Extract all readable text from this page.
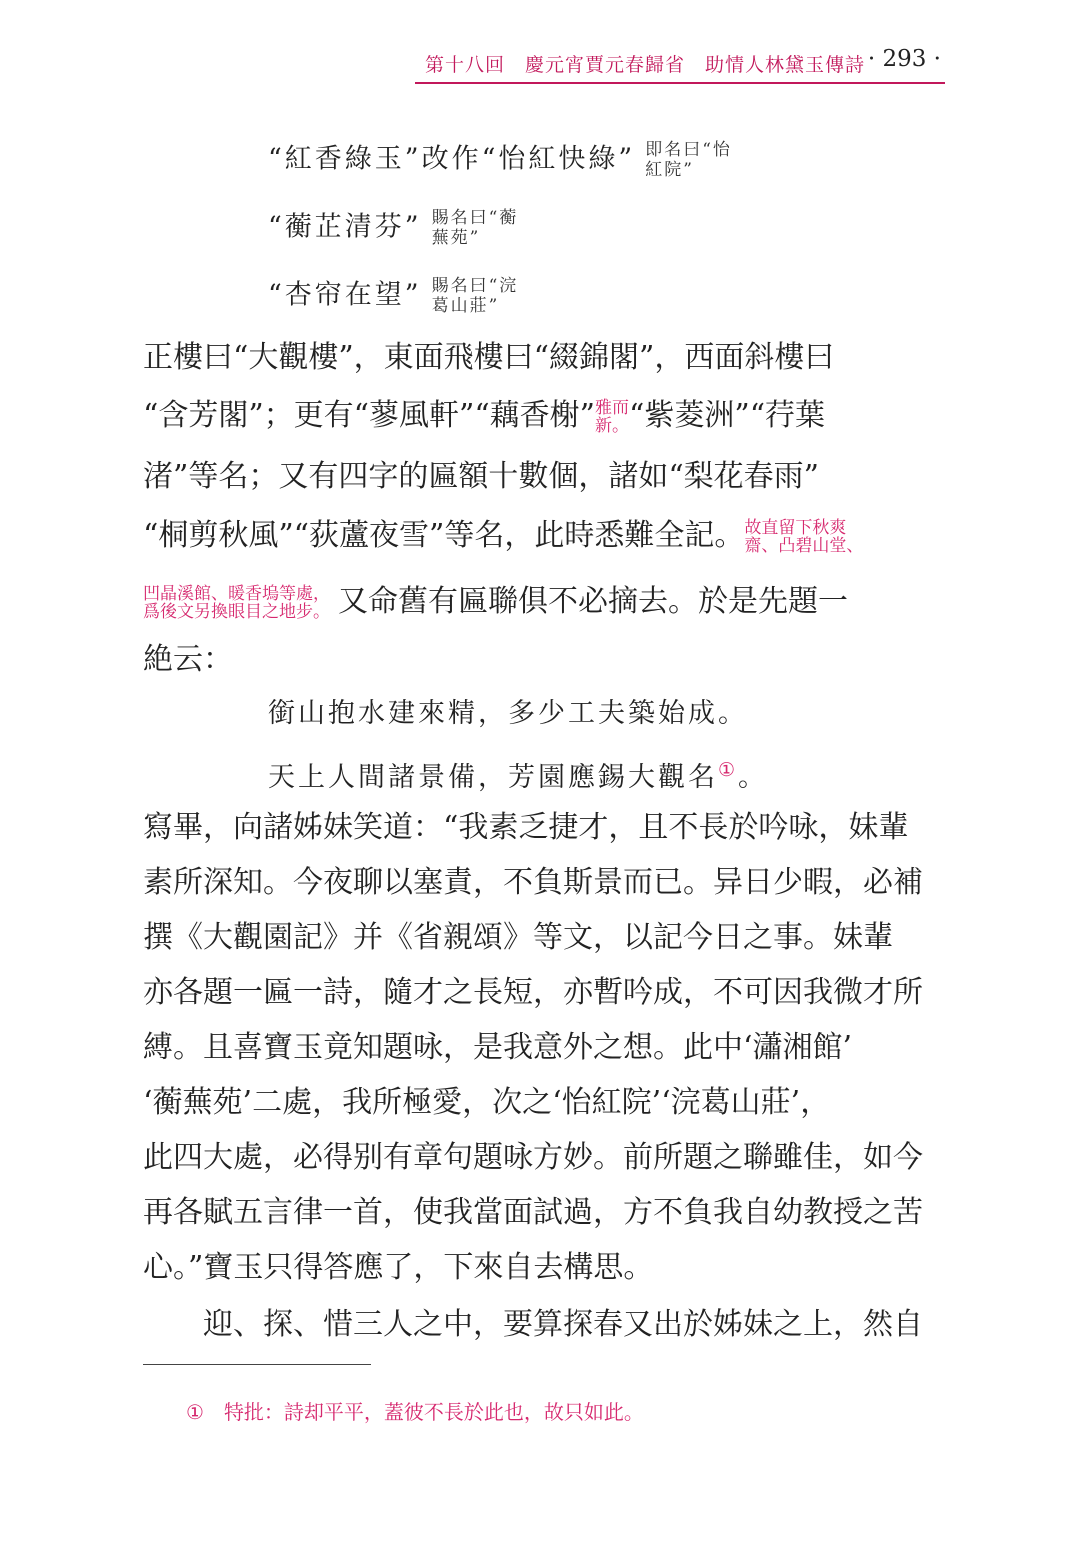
第十八回　慶元宵賈元春歸省　助情人林黛玉傳詩 · 293 ·
“紅香綠玉”改作“怡紅快綠” 即名曰“怡
紅院”
“蘅芷清芬” 賜名曰“蘅
蕪苑”
“杏帘在望” 賜名曰“浣
葛山莊”
正樓曰“大觀樓”，東面飛樓曰“綴錦閣”，西面斜樓曰
“含芳閣”；更有“蓼風軒”“藕香榭” 雅而
新。 “紫菱洲”“荇葉
渚”等名；又有四字的匾額十數個，諸如“梨花春雨”
“桐剪秋風”“荻蘆夜雪”等名，此時悉難全記。 故直留下秋爽
齋、凸碧山堂、
凹晶溪館、暖香塢等處，
爲後文另換眼目之地步。 又命舊有匾聯俱不必摘去。於是先題一
絶云：
銜山抱水建來精，多少工夫築始成。
天上人間諸景備，芳園應錫大觀名①。
寫畢，向諸姊妹笑道：“我素乏捷才，且不長於吟咏，妹輩
素所深知。今夜聊以塞責，不負斯景而已。异日少暇，必補
撰《大觀園記》并《省親頌》等文，以記今日之事。妹輩
亦各題一匾一詩，隨才之長短，亦暫吟成，不可因我微才所
縛。且喜寶玉竟知題咏，是我意外之想。此中‘瀟湘館’
‘蘅蕪苑’二處，我所極愛，次之‘怡紅院’‘浣葛山莊’，
此四大處，必得别有章句題咏方妙。前所題之聯雖佳，如今
再各賦五言律一首，使我當面試過，方不負我自幼教授之苦
心。”寶玉只得答應了，下來自去構思。
迎、探、惜三人之中，要算探春又出於姊妹之上，然自
① 特批：詩却平平，蓋彼不長於此也，故只如此。
